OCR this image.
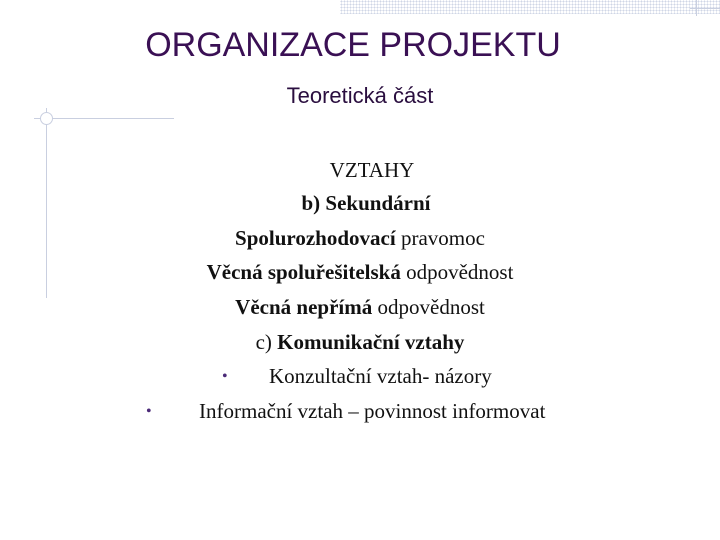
ORGANIZACE PROJEKTU
Teoretická část
VZTAHY
b) Sekundární
Spolurozhodovací pravomoc
Věcná spoluřešitelská odpovědnost
Věcná nepřímá odpovědnost
c) Komunikační vztahy
• Konzultační vztah- názory
• Informační vztah – povinnost informovat
